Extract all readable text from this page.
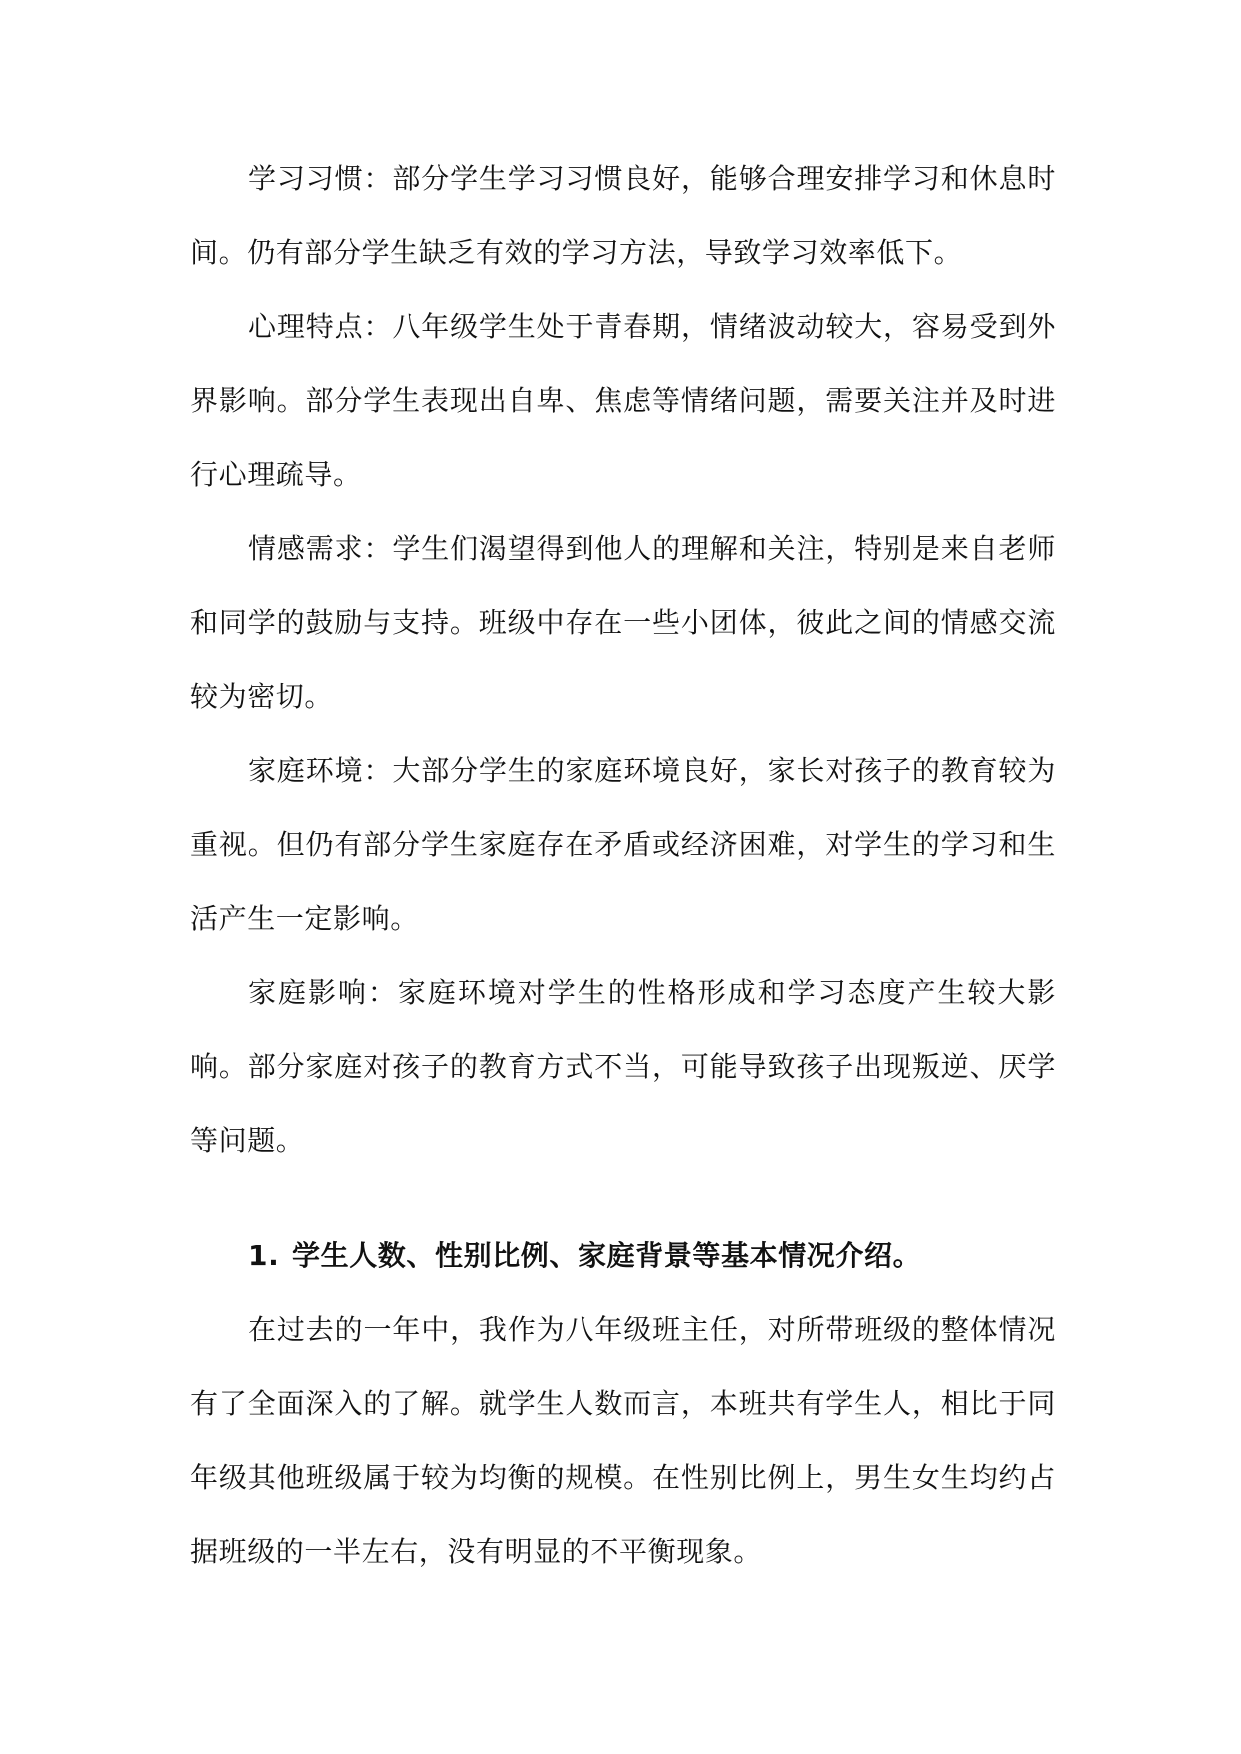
学习习惯：部分学生学习习惯良好，能够合理安排学习和休息时间。仍有部分学生缺乏有效的学习方法，导致学习效率低下。

心理特点：八年级学生处于青春期，情绪波动较大，容易受到外界影响。部分学生表现出自卑、焦虑等情绪问题，需要关注并及时进行心理疏导。

情感需求：学生们渴望得到他人的理解和关注，特别是来自老师和同学的鼓励与支持。班级中存在一些小团体，彼此之间的情感交流较为密切。

家庭环境：大部分学生的家庭环境良好，家长对孩子的教育较为重视。但仍有部分学生家庭存在矛盾或经济困难，对学生的学习和生活产生一定影响。

家庭影响：家庭环境对学生的性格形成和学习态度产生较大影响。部分家庭对孩子的教育方式不当，可能导致孩子出现叛逆、厌学等问题。

1. 学生人数、性别比例、家庭背景等基本情况介绍。

在过去的一年中，我作为八年级班主任，对所带班级的整体情况有了全面深入的了解。就学生人数而言，本班共有学生人，相比于同年级其他班级属于较为均衡的规模。在性别比例上，男生女生均约占据班级的一半左右，没有明显的不平衡现象。
